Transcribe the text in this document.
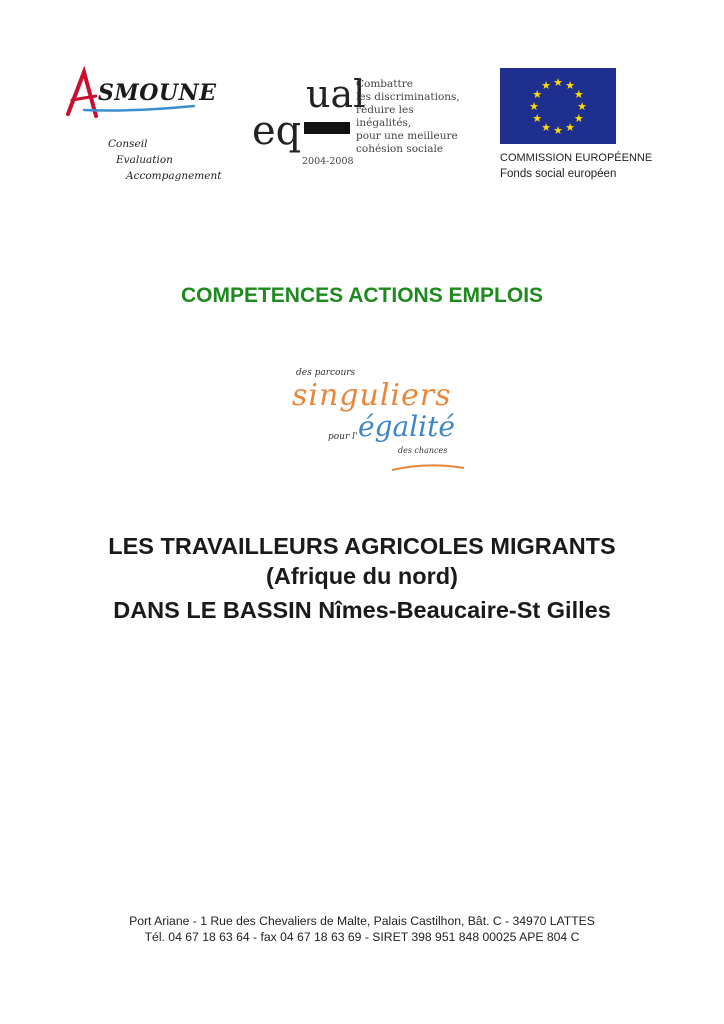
SMOUNE
Conseil
Evaluation
Accompagnement
eq
ual
2004-2008
Combattre
les discriminations,
réduire les inégalités,
pour une meilleure
cohésion sociale
★ ★
★
★
★
★
★
★
★
★
★
★
COMMISSION EUROPÉENNE
Fonds social européen
COMPETENCES ACTIONS EMPLOIS
des parcours
singuliers
pour l' égalité
des chances
LES TRAVAILLEURS AGRICOLES MIGRANTS
(Afrique du nord)
DANS LE BASSIN Nîmes-Beaucaire-St Gilles
Port Ariane - 1 Rue des Chevaliers de Malte, Palais Castilhon, Bât. C - 34970 LATTES
Tél. 04 67 18 63 64 - fax 04 67 18 63 69 - SIRET 398 951 848 00025 APE 804 C
